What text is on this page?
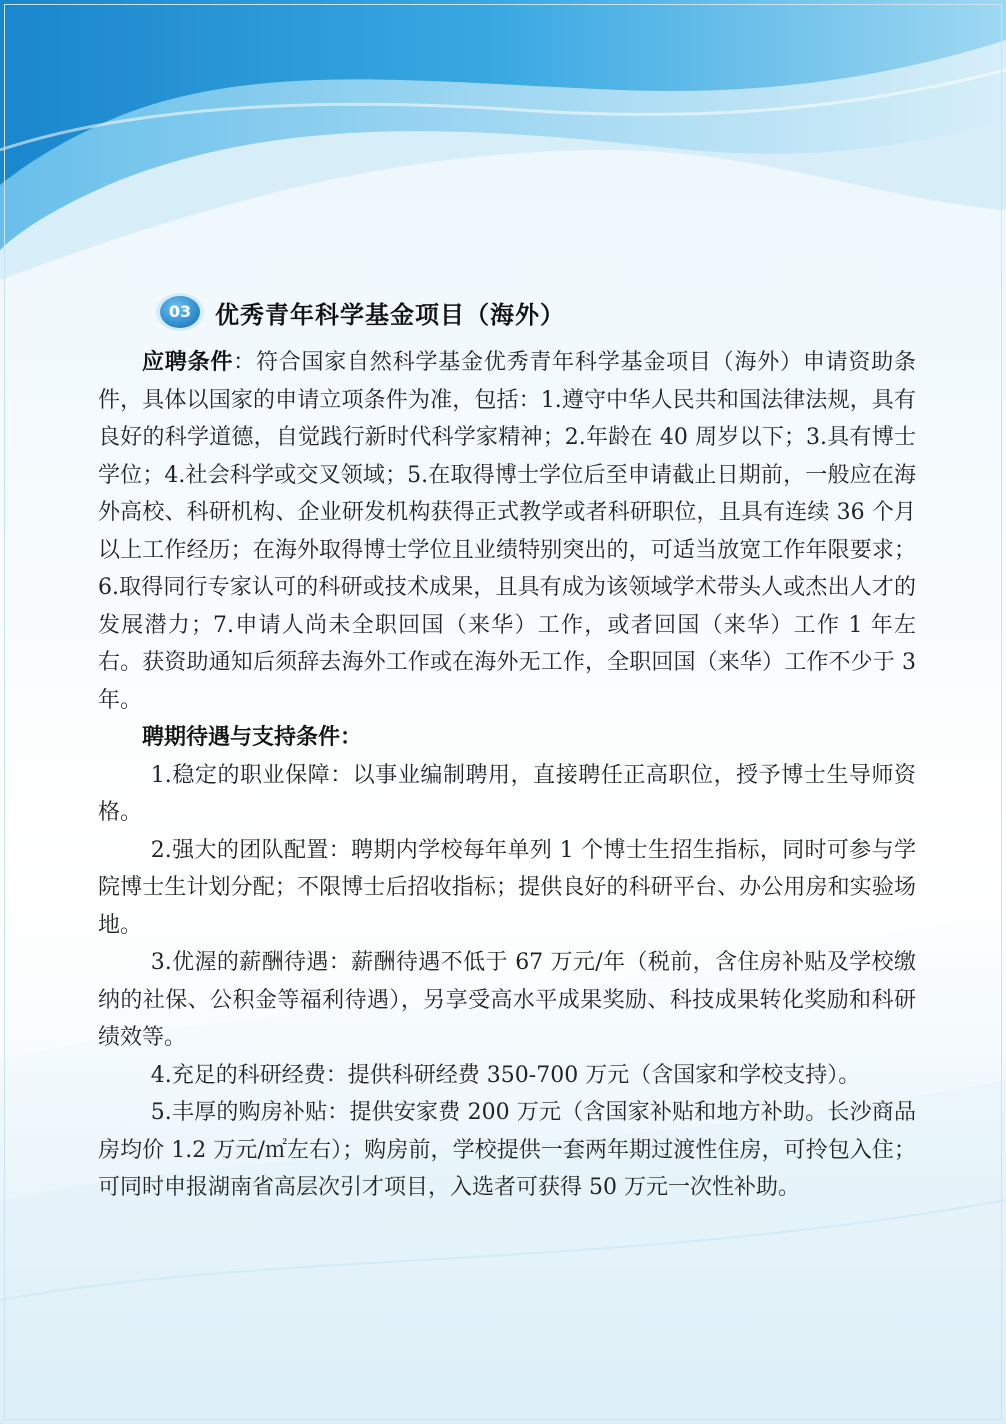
03 优秀青年科学基金项目（海外）

应聘条件：符合国家自然科学基金优秀青年科学基金项目（海外）申请资助条件，具体以国家的申请立项条件为准，包括：1.遵守中华人民共和国法律法规，具有良好的科学道德，自觉践行新时代科学家精神；2.年龄在 40 周岁以下；3.具有博士学位；4.社会科学或交叉领域；5.在取得博士学位后至申请截止日期前，一般应在海外高校、科研机构、企业研发机构获得正式教学或者科研职位，且具有连续 36 个月以上工作经历；在海外取得博士学位且业绩特别突出的，可适当放宽工作年限要求；6.取得同行专家认可的科研或技术成果，且具有成为该领域学术带头人或杰出人才的发展潜力；7.申请人尚未全职回国（来华）工作，或者回国（来华）工作 1 年左右。获资助通知后须辞去海外工作或在海外无工作，全职回国（来华）工作不少于 3 年。

聘期待遇与支持条件：

1.稳定的职业保障：以事业编制聘用，直接聘任正高职位，授予博士生导师资格。

2.强大的团队配置：聘期内学校每年单列 1 个博士生招生指标，同时可参与学院博士生计划分配；不限博士后招收指标；提供良好的科研平台、办公用房和实验场地。

3.优渥的薪酬待遇：薪酬待遇不低于 67 万元/年（税前，含住房补贴及学校缴纳的社保、公积金等福利待遇），另享受高水平成果奖励、科技成果转化奖励和科研绩效等。

4.充足的科研经费：提供科研经费 350-700 万元（含国家和学校支持）。

5.丰厚的购房补贴：提供安家费 200 万元（含国家补贴和地方补助。长沙商品房均价 1.2 万元/㎡左右）；购房前，学校提供一套两年期过渡性住房，可拎包入住；可同时申报湖南省高层次引才项目，入选者可获得 50 万元一次性补助。
